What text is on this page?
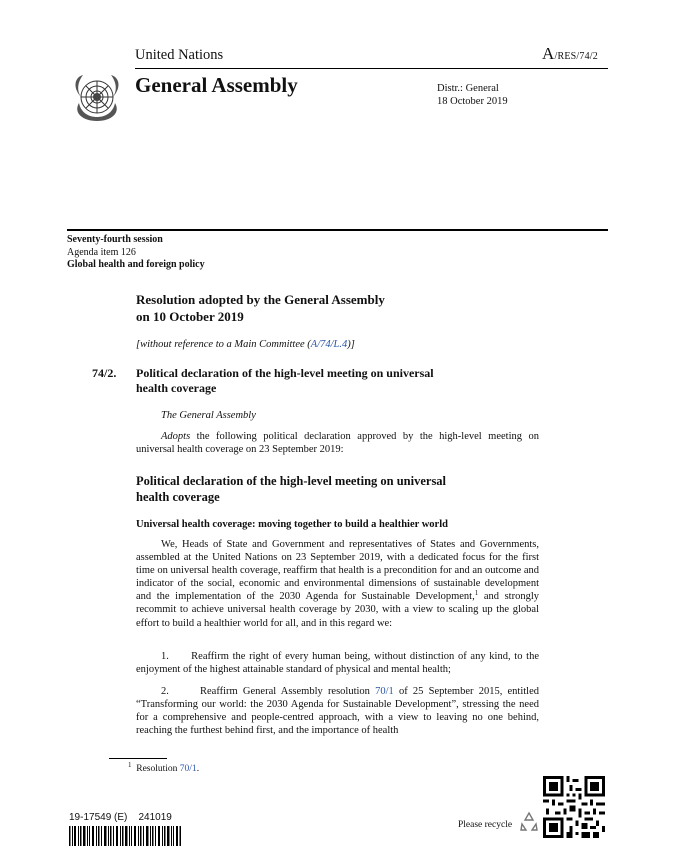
United Nations	A/RES/74/2
General Assembly	Distr.: General
18 October 2019
Seventy-fourth session
Agenda item 126
Global health and foreign policy
Resolution adopted by the General Assembly
on 10 October 2019
[without reference to a Main Committee (A/74/L.4)]
74/2. Political declaration of the high-level meeting on universal
health coverage
The General Assembly
Adopts the following political declaration approved by the high-level meeting on universal health coverage on 23 September 2019:
Political declaration of the high-level meeting on universal
health coverage
Universal health coverage: moving together to build a healthier world
We, Heads of State and Government and representatives of States and Governments, assembled at the United Nations on 23 September 2019, with a dedicated focus for the first time on universal health coverage, reaffirm that health is a precondition for and an outcome and indicator of the social, economic and environmental dimensions of sustainable development and the implementation of the 2030 Agenda for Sustainable Development,$^1$ and strongly recommit to achieve universal health coverage by 2030, with a view to scaling up the global effort to build a healthier world for all, and in this regard we:
1. Reaffirm the right of every human being, without distinction of any kind, to the enjoyment of the highest attainable standard of physical and mental health;
2.	Reaffirm General Assembly resolution 70/1 of 25 September 2015, entitled “Transforming our world: the 2030 Agenda for Sustainable Development”, stressing the need for a comprehensive and people-centred approach, with a view to leaving no one behind, reaching the furthest behind first, and the importance of health
$^1$ Resolution 70/1.
19-17549 (E)    241019
Please recycle
